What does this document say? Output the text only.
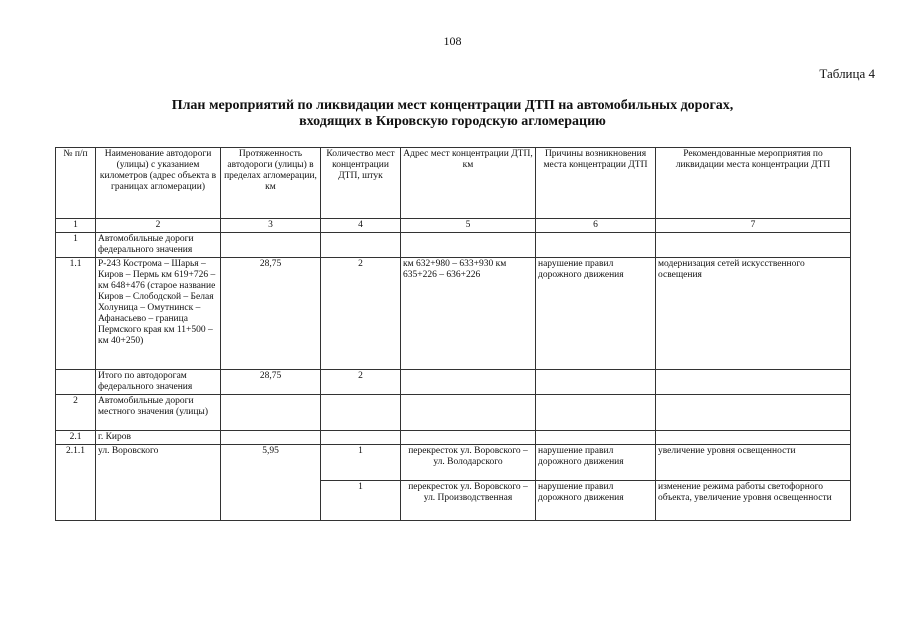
108
Таблица 4
План мероприятий по ликвидации мест концентрации ДТП на автомобильных дорогах,
входящих в Кировскую городскую агломерацию
№ п/п	Наименование автодороги (улицы) с указанием километров (адрес объекта в границах агломерации)	Протяженность автодороги (улицы) в пределах агломерации, км	Количество мест концентрации ДТП, штук	Адрес мест концентрации ДТП, км	Причины возникновения места концентрации ДТП	Рекомендованные мероприятия по ликвидации места концентрации ДТП
1	2	3	4	5	6	7
1	Автомобильные дороги федерального значения					
1.1	Р-243 Кострома – Шарья – Киров – Пермь км 619+726 – км 648+476 (старое название Киров – Слободской – Белая Холуница – Омутнинск – Афанасьево – граница Пермского края км 11+500 – км 40+250)	28,75	2	км 632+980 – 633+930 км 635+226 – 636+226	нарушение правил дорожного движения	модернизация сетей искусственного освещения
	Итого по автодорогам федерального значения	28,75	2			
2	Автомобильные дороги местного значения (улицы)					
2.1	г. Киров					
2.1.1	ул. Воровского	5,95	1	перекресток ул. Воровского – ул. Володарского	нарушение правил дорожного движения	увеличение уровня освещенности
			1	перекресток ул. Воровского – ул. Производственная	нарушение правил дорожного движения	изменение режима работы светофорного объекта, увеличение уровня освещенности
